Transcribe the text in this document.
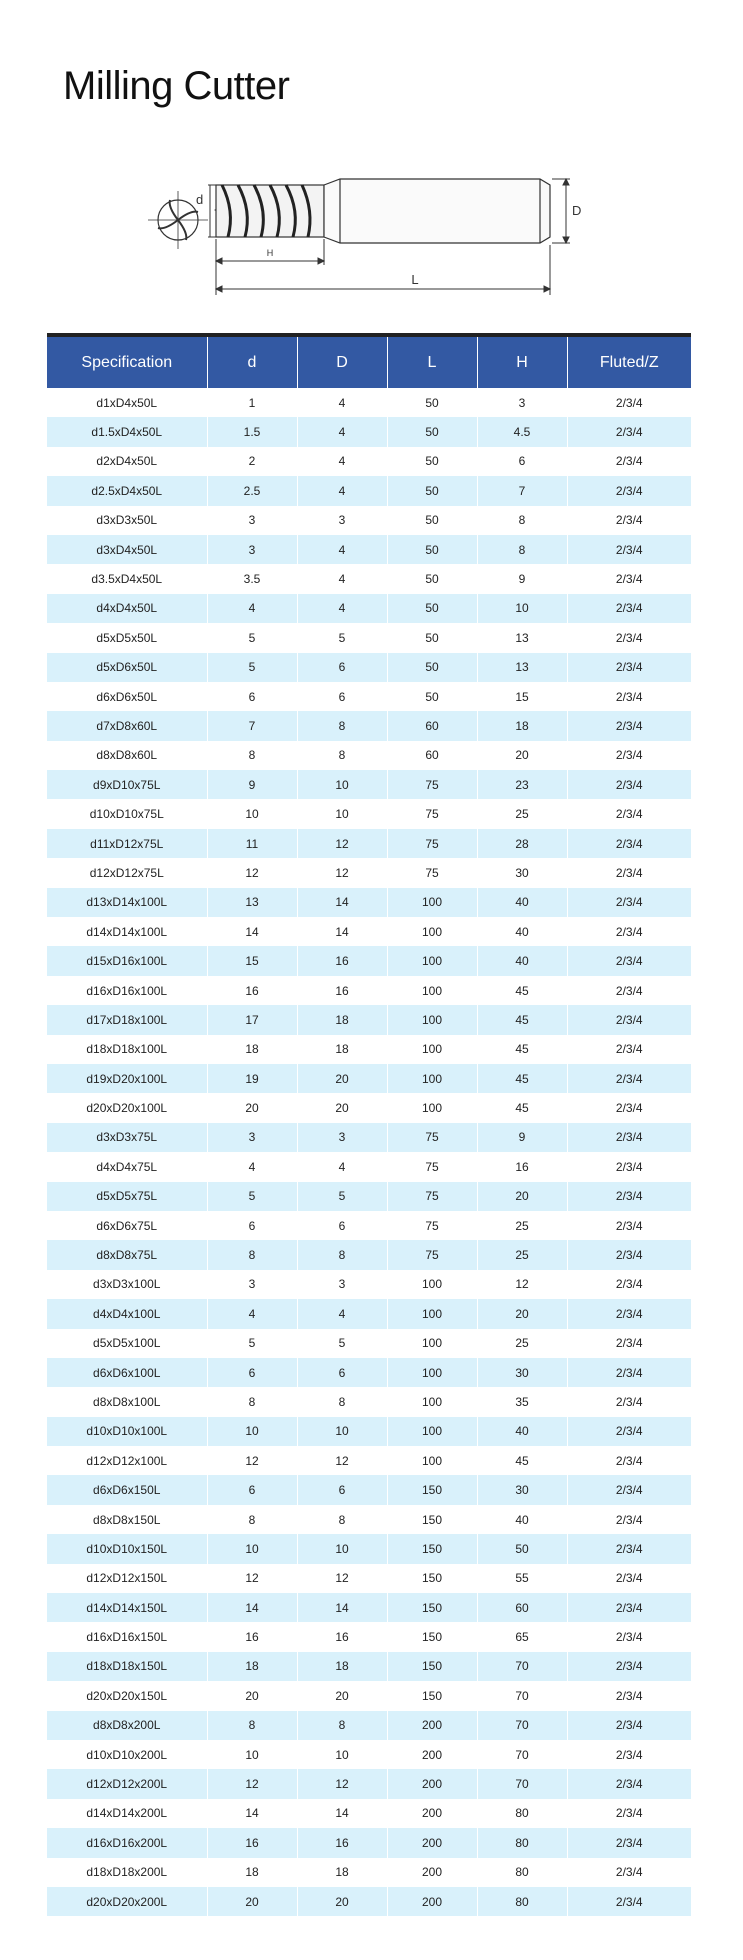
Milling Cutter
d
D
H
L
Specification	d	D	L	H	Fluted/Z
d1xD4x50L	1	4	50	3	2/3/4
d1.5xD4x50L	1.5	4	50	4.5	2/3/4
d2xD4x50L	2	4	50	6	2/3/4
d2.5xD4x50L	2.5	4	50	7	2/3/4
d3xD3x50L	3	3	50	8	2/3/4
d3xD4x50L	3	4	50	8	2/3/4
d3.5xD4x50L	3.5	4	50	9	2/3/4
d4xD4x50L	4	4	50	10	2/3/4
d5xD5x50L	5	5	50	13	2/3/4
d5xD6x50L	5	6	50	13	2/3/4
d6xD6x50L	6	6	50	15	2/3/4
d7xD8x60L	7	8	60	18	2/3/4
d8xD8x60L	8	8	60	20	2/3/4
d9xD10x75L	9	10	75	23	2/3/4
d10xD10x75L	10	10	75	25	2/3/4
d11xD12x75L	11	12	75	28	2/3/4
d12xD12x75L	12	12	75	30	2/3/4
d13xD14x100L	13	14	100	40	2/3/4
d14xD14x100L	14	14	100	40	2/3/4
d15xD16x100L	15	16	100	40	2/3/4
d16xD16x100L	16	16	100	45	2/3/4
d17xD18x100L	17	18	100	45	2/3/4
d18xD18x100L	18	18	100	45	2/3/4
d19xD20x100L	19	20	100	45	2/3/4
d20xD20x100L	20	20	100	45	2/3/4
d3xD3x75L	3	3	75	9	2/3/4
d4xD4x75L	4	4	75	16	2/3/4
d5xD5x75L	5	5	75	20	2/3/4
d6xD6x75L	6	6	75	25	2/3/4
d8xD8x75L	8	8	75	25	2/3/4
d3xD3x100L	3	3	100	12	2/3/4
d4xD4x100L	4	4	100	20	2/3/4
d5xD5x100L	5	5	100	25	2/3/4
d6xD6x100L	6	6	100	30	2/3/4
d8xD8x100L	8	8	100	35	2/3/4
d10xD10x100L	10	10	100	40	2/3/4
d12xD12x100L	12	12	100	45	2/3/4
d6xD6x150L	6	6	150	30	2/3/4
d8xD8x150L	8	8	150	40	2/3/4
d10xD10x150L	10	10	150	50	2/3/4
d12xD12x150L	12	12	150	55	2/3/4
d14xD14x150L	14	14	150	60	2/3/4
d16xD16x150L	16	16	150	65	2/3/4
d18xD18x150L	18	18	150	70	2/3/4
d20xD20x150L	20	20	150	70	2/3/4
d8xD8x200L	8	8	200	70	2/3/4
d10xD10x200L	10	10	200	70	2/3/4
d12xD12x200L	12	12	200	70	2/3/4
d14xD14x200L	14	14	200	80	2/3/4
d16xD16x200L	16	16	200	80	2/3/4
d18xD18x200L	18	18	200	80	2/3/4
d20xD20x200L	20	20	200	80	2/3/4
